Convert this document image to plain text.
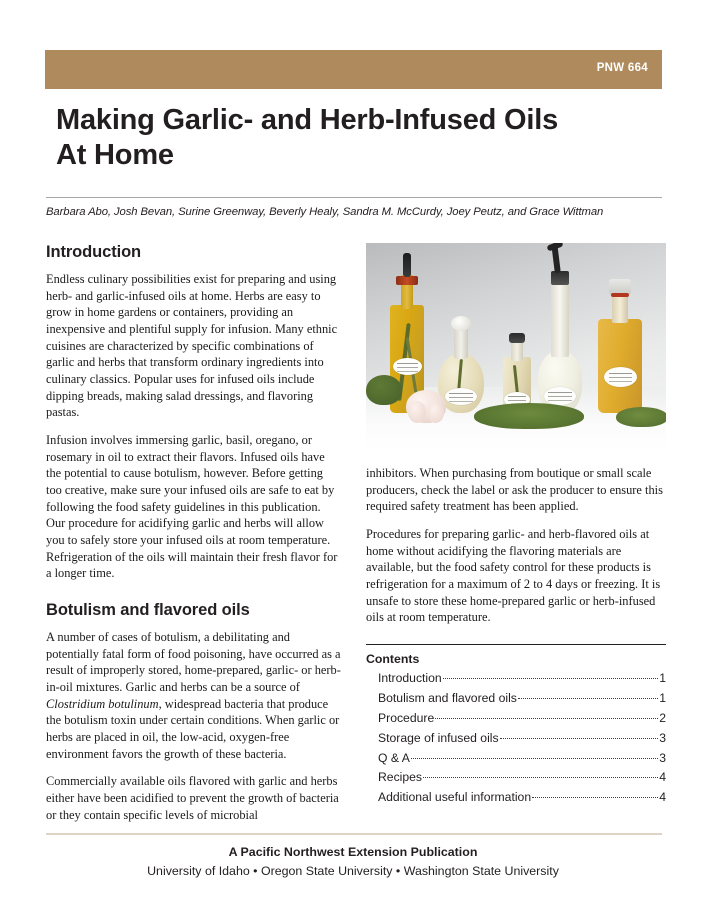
PNW 664
Making Garlic- and Herb-Infused Oils
At Home
Barbara Abo, Josh Bevan, Surine Greenway, Beverly Healy, Sandra M. McCurdy, Joey Peutz, and Grace Wittman
Introduction

Endless culinary possibilities exist for preparing and using herb- and garlic-infused oils at home. Herbs are easy to grow in home gardens or containers, providing an inexpensive and plentiful supply for infusion. Many ethnic cuisines are characterized by specific combinations of garlic and herbs that transform ordinary ingredients into culinary classics. Popular uses for infused oils include dipping breads, making salad dressings, and flavoring pastas.

Infusion involves immersing garlic, basil, oregano, or rosemary in oil to extract their flavors. Infused oils have the potential to cause botulism, however. Before getting too creative, make sure your infused oils are safe to eat by following the food safety guidelines in this publication. Our procedure for acidifying garlic and herbs will allow you to safely store your infused oils at room temperature. Refrigeration of the oils will maintain their fresh flavor for a longer time.

Botulism and flavored oils

A number of cases of botulism, a debilitating and potentially fatal form of food poisoning, have occurred as a result of improperly stored, home-prepared, garlic- or herb-in-oil mixtures. Garlic and herbs can be a source of Clostridium botulinum, widespread bacteria that produce the botulism toxin under certain conditions. When garlic or herbs are placed in oil, the low-acid, oxygen-free environment favors the growth of these bacteria.

Commercially available oils flavored with garlic and herbs either have been acidified to prevent the growth of bacteria or they contain specific levels of microbial

inhibitors. When purchasing from boutique or small scale producers, check the label or ask the producer to ensure this required safety treatment has been applied.

Procedures for preparing garlic- and herb-flavored oils at home without acidifying the flavoring materials are available, but the food safety control for these products is refrigeration for a maximum of 2 to 4 days or freezing. It is unsafe to store these home-prepared garlic or herb-infused oils at room temperature.

Contents
Introduction	1
Botulism and flavored oils	1
Procedure	2
Storage of infused oils	3
Q & A	3
Recipes	4
Additional useful information	4
A Pacific Northwest Extension Publication
University of Idaho • Oregon State University • Washington State University
